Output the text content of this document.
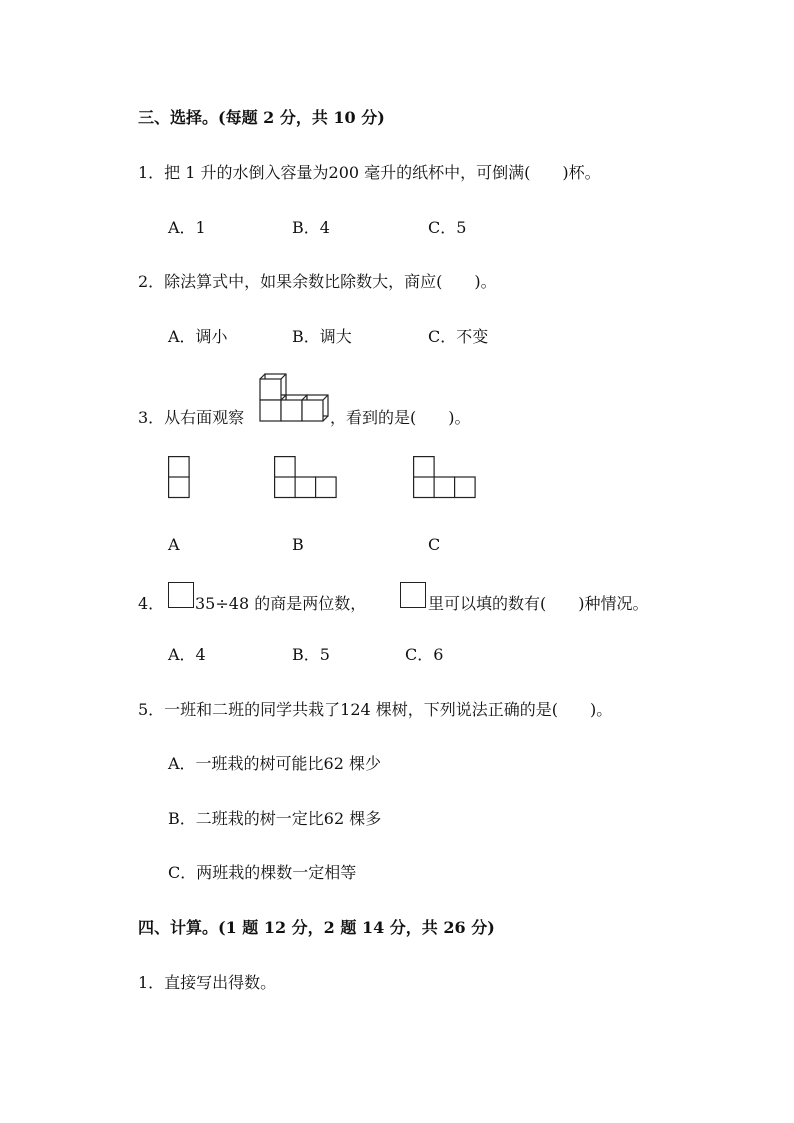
三、选择。(每题 2 分，共 10 分)
1．把 1 升的水倒入容量为200 毫升的纸杯中，可倒满(　　)杯。
A．1	B．4	C．5
2．除法算式中，如果余数比除数大，商应(　　)。
A．调小	B．调大	C．不变
3．从右面观察	，看到的是(　　)。
A	B	C
4． 35÷48 的商是两位数，	里可以填的数有(　　)种情况。
A．4	B．5	C．6
5．一班和二班的同学共栽了124 棵树，下列说法正确的是(　　)。
A．一班栽的树可能比62 棵少
B．二班栽的树一定比62 棵多
C．两班栽的棵数一定相等
四、计算。(1 题 12 分，2 题 14 分，共 26 分)
1．直接写出得数。
